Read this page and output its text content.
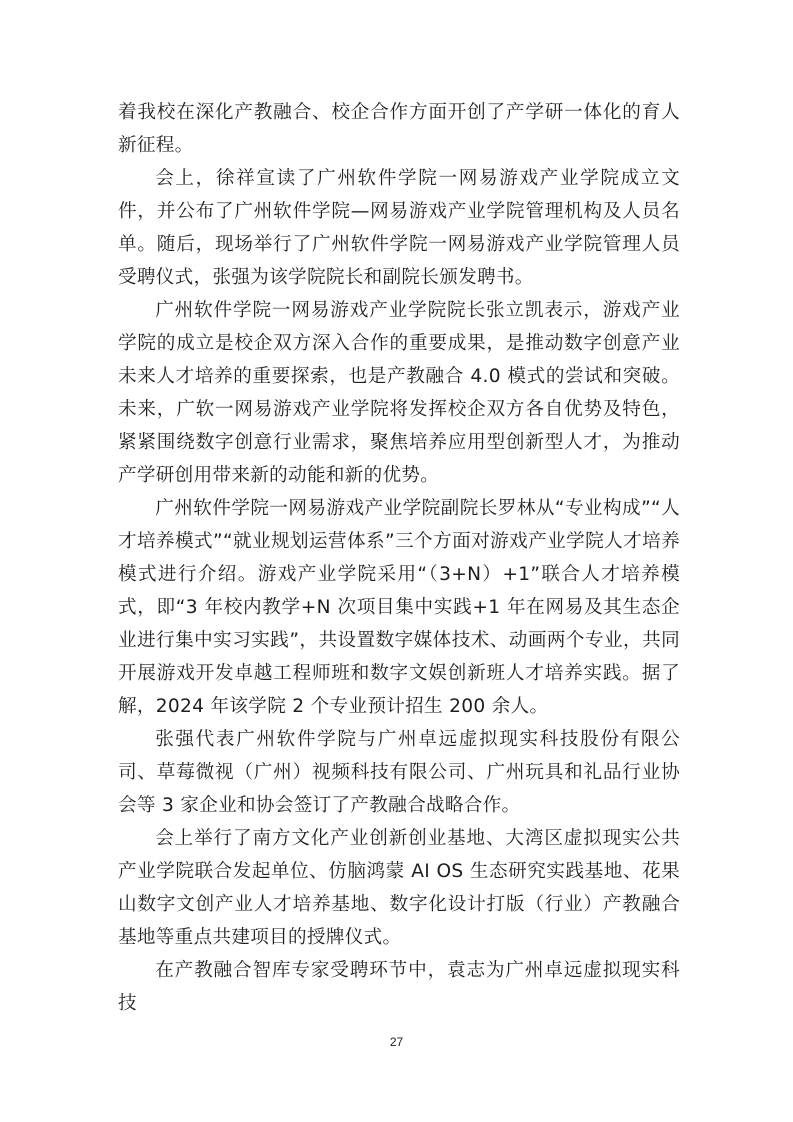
着我校在深化产教融合、校企合作方面开创了产学研一体化的育人新征程。

会上，徐祥宣读了广州软件学院一网易游戏产业学院成立文件，并公布了广州软件学院—网易游戏产业学院管理机构及人员名单。随后，现场举行了广州软件学院一网易游戏产业学院管理人员受聘仪式，张强为该学院院长和副院长颁发聘书。

广州软件学院一网易游戏产业学院院长张立凯表示，游戏产业学院的成立是校企双方深入合作的重要成果，是推动数字创意产业未来人才培养的重要探索，也是产教融合 4.0 模式的尝试和突破。未来，广软一网易游戏产业学院将发挥校企双方各自优势及特色，紧紧围绕数字创意行业需求，聚焦培养应用型创新型人才，为推动产学研创用带来新的动能和新的优势。

广州软件学院一网易游戏产业学院副院长罗林从“专业构成”“人才培养模式”“就业规划运营体系”三个方面对游戏产业学院人才培养模式进行介绍。游戏产业学院采用“（3+N）+1”联合人才培养模式，即“3 年校内教学+N 次项目集中实践+1 年在网易及其生态企业进行集中实习实践”，共设置数字媒体技术、动画两个专业，共同开展游戏开发卓越工程师班和数字文娱创新班人才培养实践。据了解，2024 年该学院 2 个专业预计招生 200 余人。

张强代表广州软件学院与广州卓远虚拟现实科技股份有限公司、草莓微视（广州）视频科技有限公司、广州玩具和礼品行业协会等 3 家企业和协会签订了产教融合战略合作。

会上举行了南方文化产业创新创业基地、大湾区虚拟现实公共产业学院联合发起单位、仿脑鸿蒙 AI OS 生态研究实践基地、花果山数字文创产业人才培养基地、数字化设计打版（行业）产教融合基地等重点共建项目的授牌仪式。

在产教融合智库专家受聘环节中，袁志为广州卓远虚拟现实科技

27
